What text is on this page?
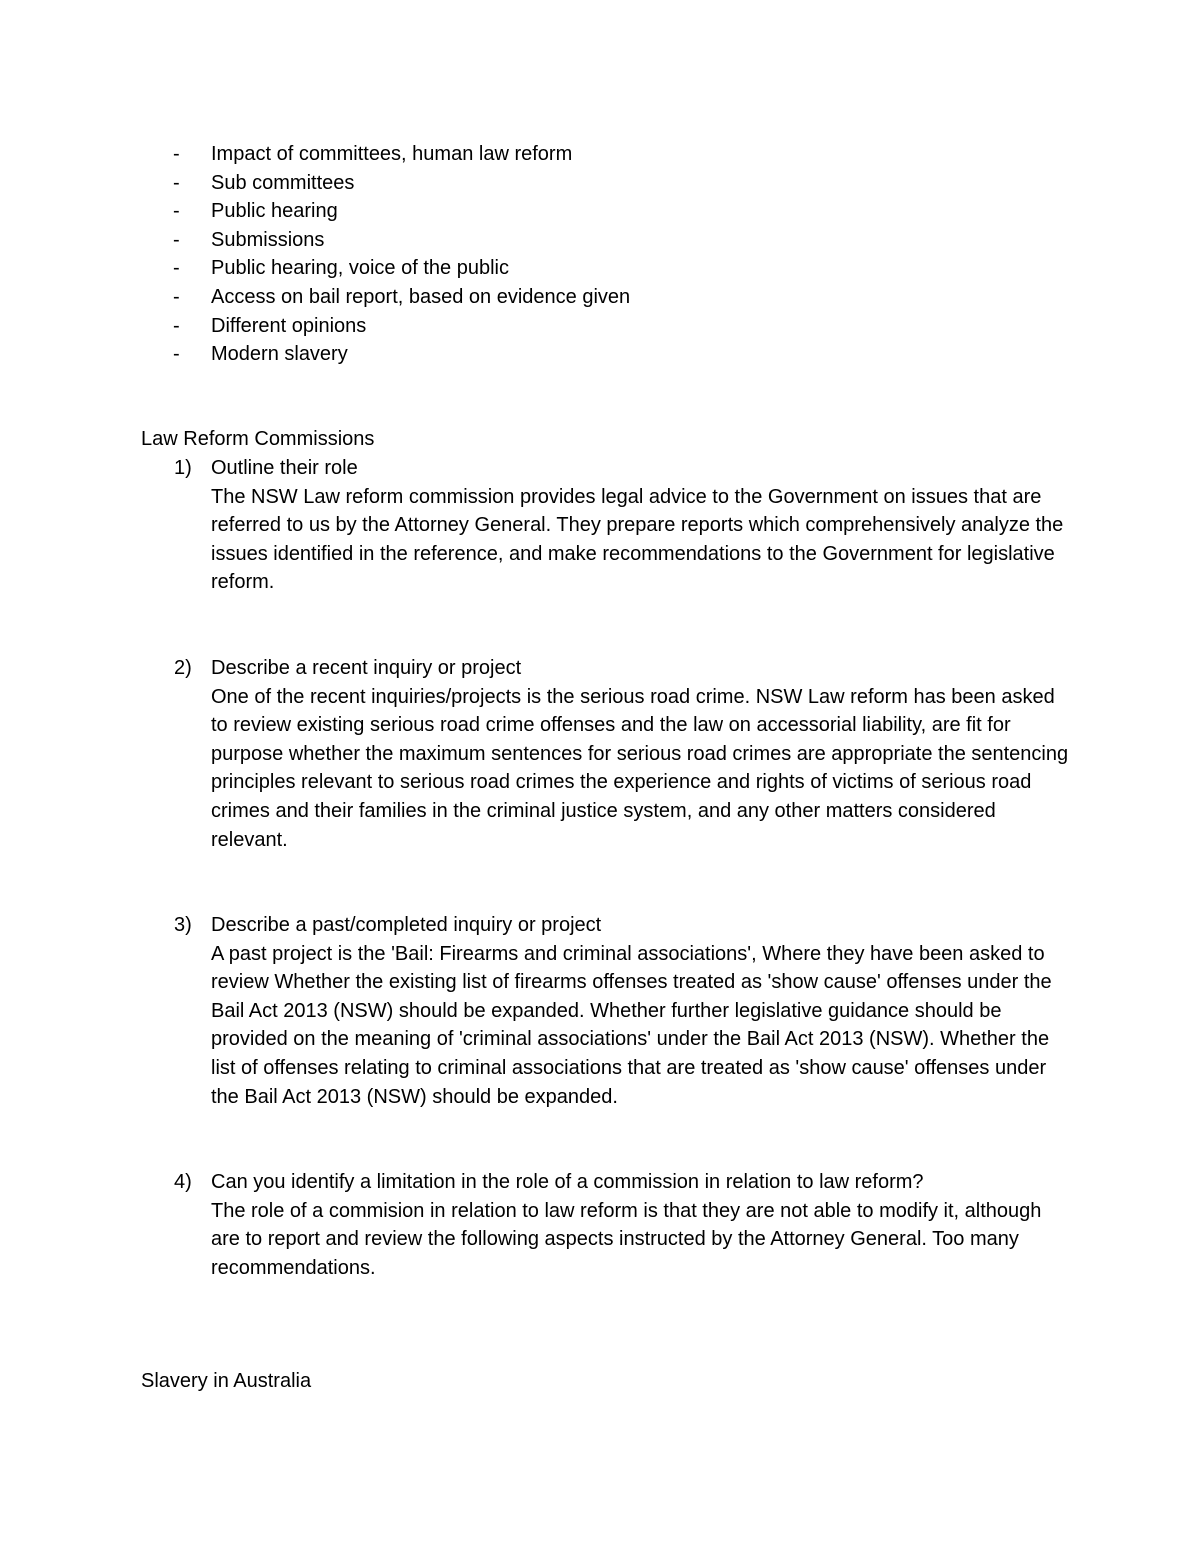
- Impact of committees, human law reform
- Sub committees
- Public hearing
- Submissions
- Public hearing, voice of the public
- Access on bail report, based on evidence given
- Different opinions
- Modern slavery
Law Reform Commissions
1) Outline their role
The NSW Law reform commission provides legal advice to the Government on issues that are referred to us by the Attorney General. They prepare reports which comprehensively analyze the issues identified in the reference, and make recommendations to the Government for legislative reform.
2) Describe a recent inquiry or project
One of the recent inquiries/projects is the serious road crime. NSW Law reform has been asked to review existing serious road crime offenses and the law on accessorial liability, are fit for purpose whether the maximum sentences for serious road crimes are appropriate the sentencing principles relevant to serious road crimes the experience and rights of victims of serious road crimes and their families in the criminal justice system, and any other matters considered relevant.
3) Describe a past/completed inquiry or project
A past project is the 'Bail: Firearms and criminal associations', Where they have been asked to review Whether the existing list of firearms offenses treated as 'show cause' offenses under the Bail Act 2013 (NSW) should be expanded. Whether further legislative guidance should be provided on the meaning of 'criminal associations' under the Bail Act 2013 (NSW). Whether the list of offenses relating to criminal associations that are treated as 'show cause' offenses under the Bail Act 2013 (NSW) should be expanded.
4) Can you identify a limitation in the role of a commission in relation to law reform?
The role of a commision in relation to law reform is that they are not able to modify it, although are to report and review the following aspects instructed by the Attorney General. Too many recommendations.
Slavery in Australia
